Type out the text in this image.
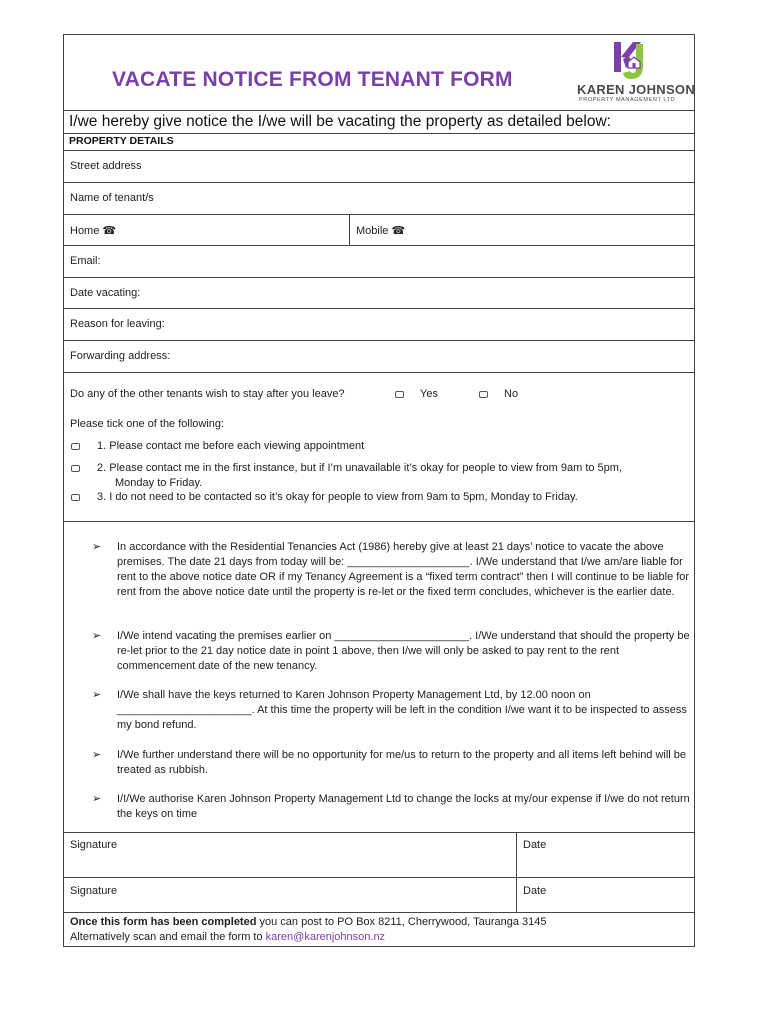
VACATE NOTICE FROM TENANT FORM	KAREN JOHNSON
PROPERTY MANAGEMENT LTD
I/we hereby give notice the I/we will be vacating the property as detailed below:
PROPERTY DETAILS
Street address
Name of tenant/s
Home ☎	Mobile ☎
Email:
Date vacating:
Reason for leaving:
Forwarding address:
Do any of the other tenants wish to stay after you leave?	Yes	No
Please tick one of the following:
1. Please contact me before each viewing appointment
2. Please contact me in the first instance, but if I’m unavailable it’s okay for people to view from 9am to 5pm,
Monday to Friday.
3. I do not need to be contacted so it’s okay for people to view from 9am to 5pm, Monday to Friday.
➢ In accordance with the Residential Tenancies Act (1986) hereby give at least 21 days’ notice to vacate the above premises. The date 21 days from today will be: ____________________. I/We understand that I/we am/are liable for rent to the above notice date OR if my Tenancy Agreement is a “fixed term contract” then I will continue to be liable for rent from the above notice date until the property is re-let or the fixed term concludes, whichever is the earlier date.
➢ I/We intend vacating the premises earlier on ______________________. I/We understand that should the property be re-let prior to the 21 day notice date in point 1 above, then I/we will only be asked to pay rent to the rent commencement date of the new tenancy.
➢ I/We shall have the keys returned to Karen Johnson Property Management Ltd, by 12.00 noon on ______________________. At this time the property will be left in the condition I/we want it to be inspected to assess my bond refund.
➢ I/We further understand there will be no opportunity for me/us to return to the property and all items left behind will be treated as rubbish.
➢ I/I/We authorise Karen Johnson Property Management Ltd to change the locks at my/our expense if I/we do not return the keys on time
Signature	Date
Signature	Date
Once this form has been completed you can post to PO Box 8211, Cherrywood, Tauranga 3145
Alternatively scan and email the form to karen@karenjohnson.nz
